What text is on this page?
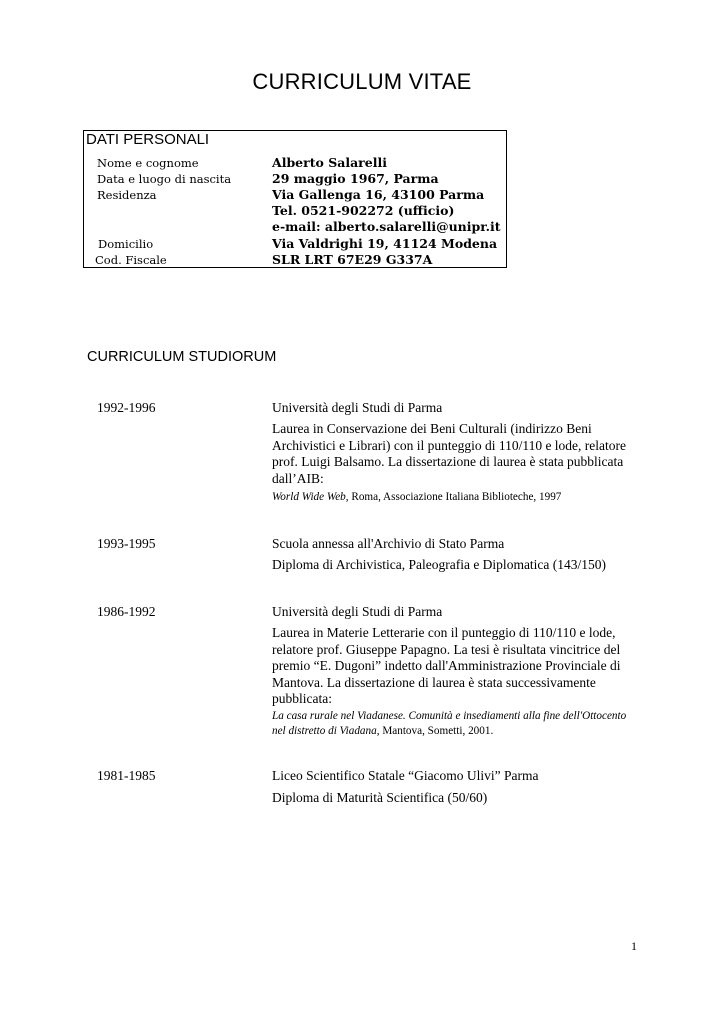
CURRICULUM VITAE
DATI PERSONALI
Nome e cognome	Alberto Salarelli
Data e luogo di nascita	29 maggio 1967, Parma
Residenza	Via Gallenga 16, 43100 Parma
Tel. 0521-902272 (ufficio)
e-mail: alberto.salarelli@unipr.it
Domicilio	Via Valdrighi 19, 41124 Modena
Cod. Fiscale	SLR LRT 67E29 G337A
CURRICULUM STUDIORUM
1992-1996	Università degli Studi di Parma
Laurea in Conservazione dei Beni Culturali (indirizzo Beni Archivistici e Librari) con il punteggio di 110/110 e lode, relatore prof. Luigi Balsamo. La dissertazione di laurea è stata pubblicata dall’AIB:
World Wide Web, Roma, Associazione Italiana Biblioteche, 1997
1993-1995	Scuola annessa all'Archivio di Stato Parma
Diploma di Archivistica, Paleografia e Diplomatica (143/150)
1986-1992	Università degli Studi di Parma
Laurea in Materie Letterarie con il punteggio di 110/110 e lode, relatore prof. Giuseppe Papagno. La tesi è risultata vincitrice del premio “E. Dugoni” indetto dall'Amministrazione Provinciale di Mantova. La dissertazione di laurea è stata successivamente pubblicata:
La casa rurale nel Viadanese. Comunità e insediamenti alla fine dell'Ottocento nel distretto di Viadana, Mantova, Sometti, 2001.
1981-1985	Liceo Scientifico Statale “Giacomo Ulivi” Parma
Diploma di Maturità Scientifica (50/60)
1
